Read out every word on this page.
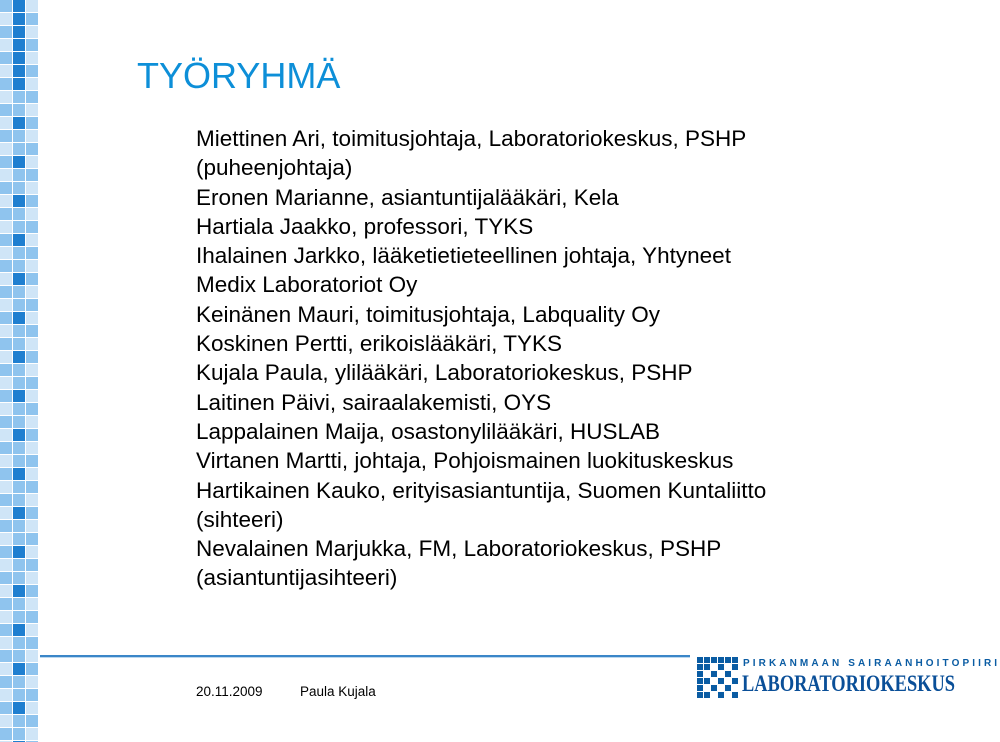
TYÖRYHMÄ
Miettinen Ari, toimitusjohtaja, Laboratoriokeskus, PSHP
(puheenjohtaja)
Eronen Marianne, asiantuntijalääkäri, Kela
Hartiala Jaakko, professori, TYKS
Ihalainen Jarkko, lääketietieteellinen johtaja, Yhtyneet
Medix Laboratoriot Oy
Keinänen Mauri, toimitusjohtaja, Labquality Oy
Koskinen Pertti, erikoislääkäri, TYKS
Kujala Paula, ylilääkäri, Laboratoriokeskus, PSHP
Laitinen Päivi, sairaalakemisti, OYS
Lappalainen Maija, osastonylilääkäri, HUSLAB
Virtanen Martti, johtaja, Pohjoismainen luokituskeskus
Hartikainen Kauko, erityisasiantuntija, Suomen Kuntaliitto
(sihteeri)
Nevalainen Marjukka, FM, Laboratoriokeskus, PSHP
(asiantuntijasihteeri)
20.11.2009	Paula Kujala
PIRKANMAAN SAIRAANHOITOPIIRI
LABORATORIOKESKUS
